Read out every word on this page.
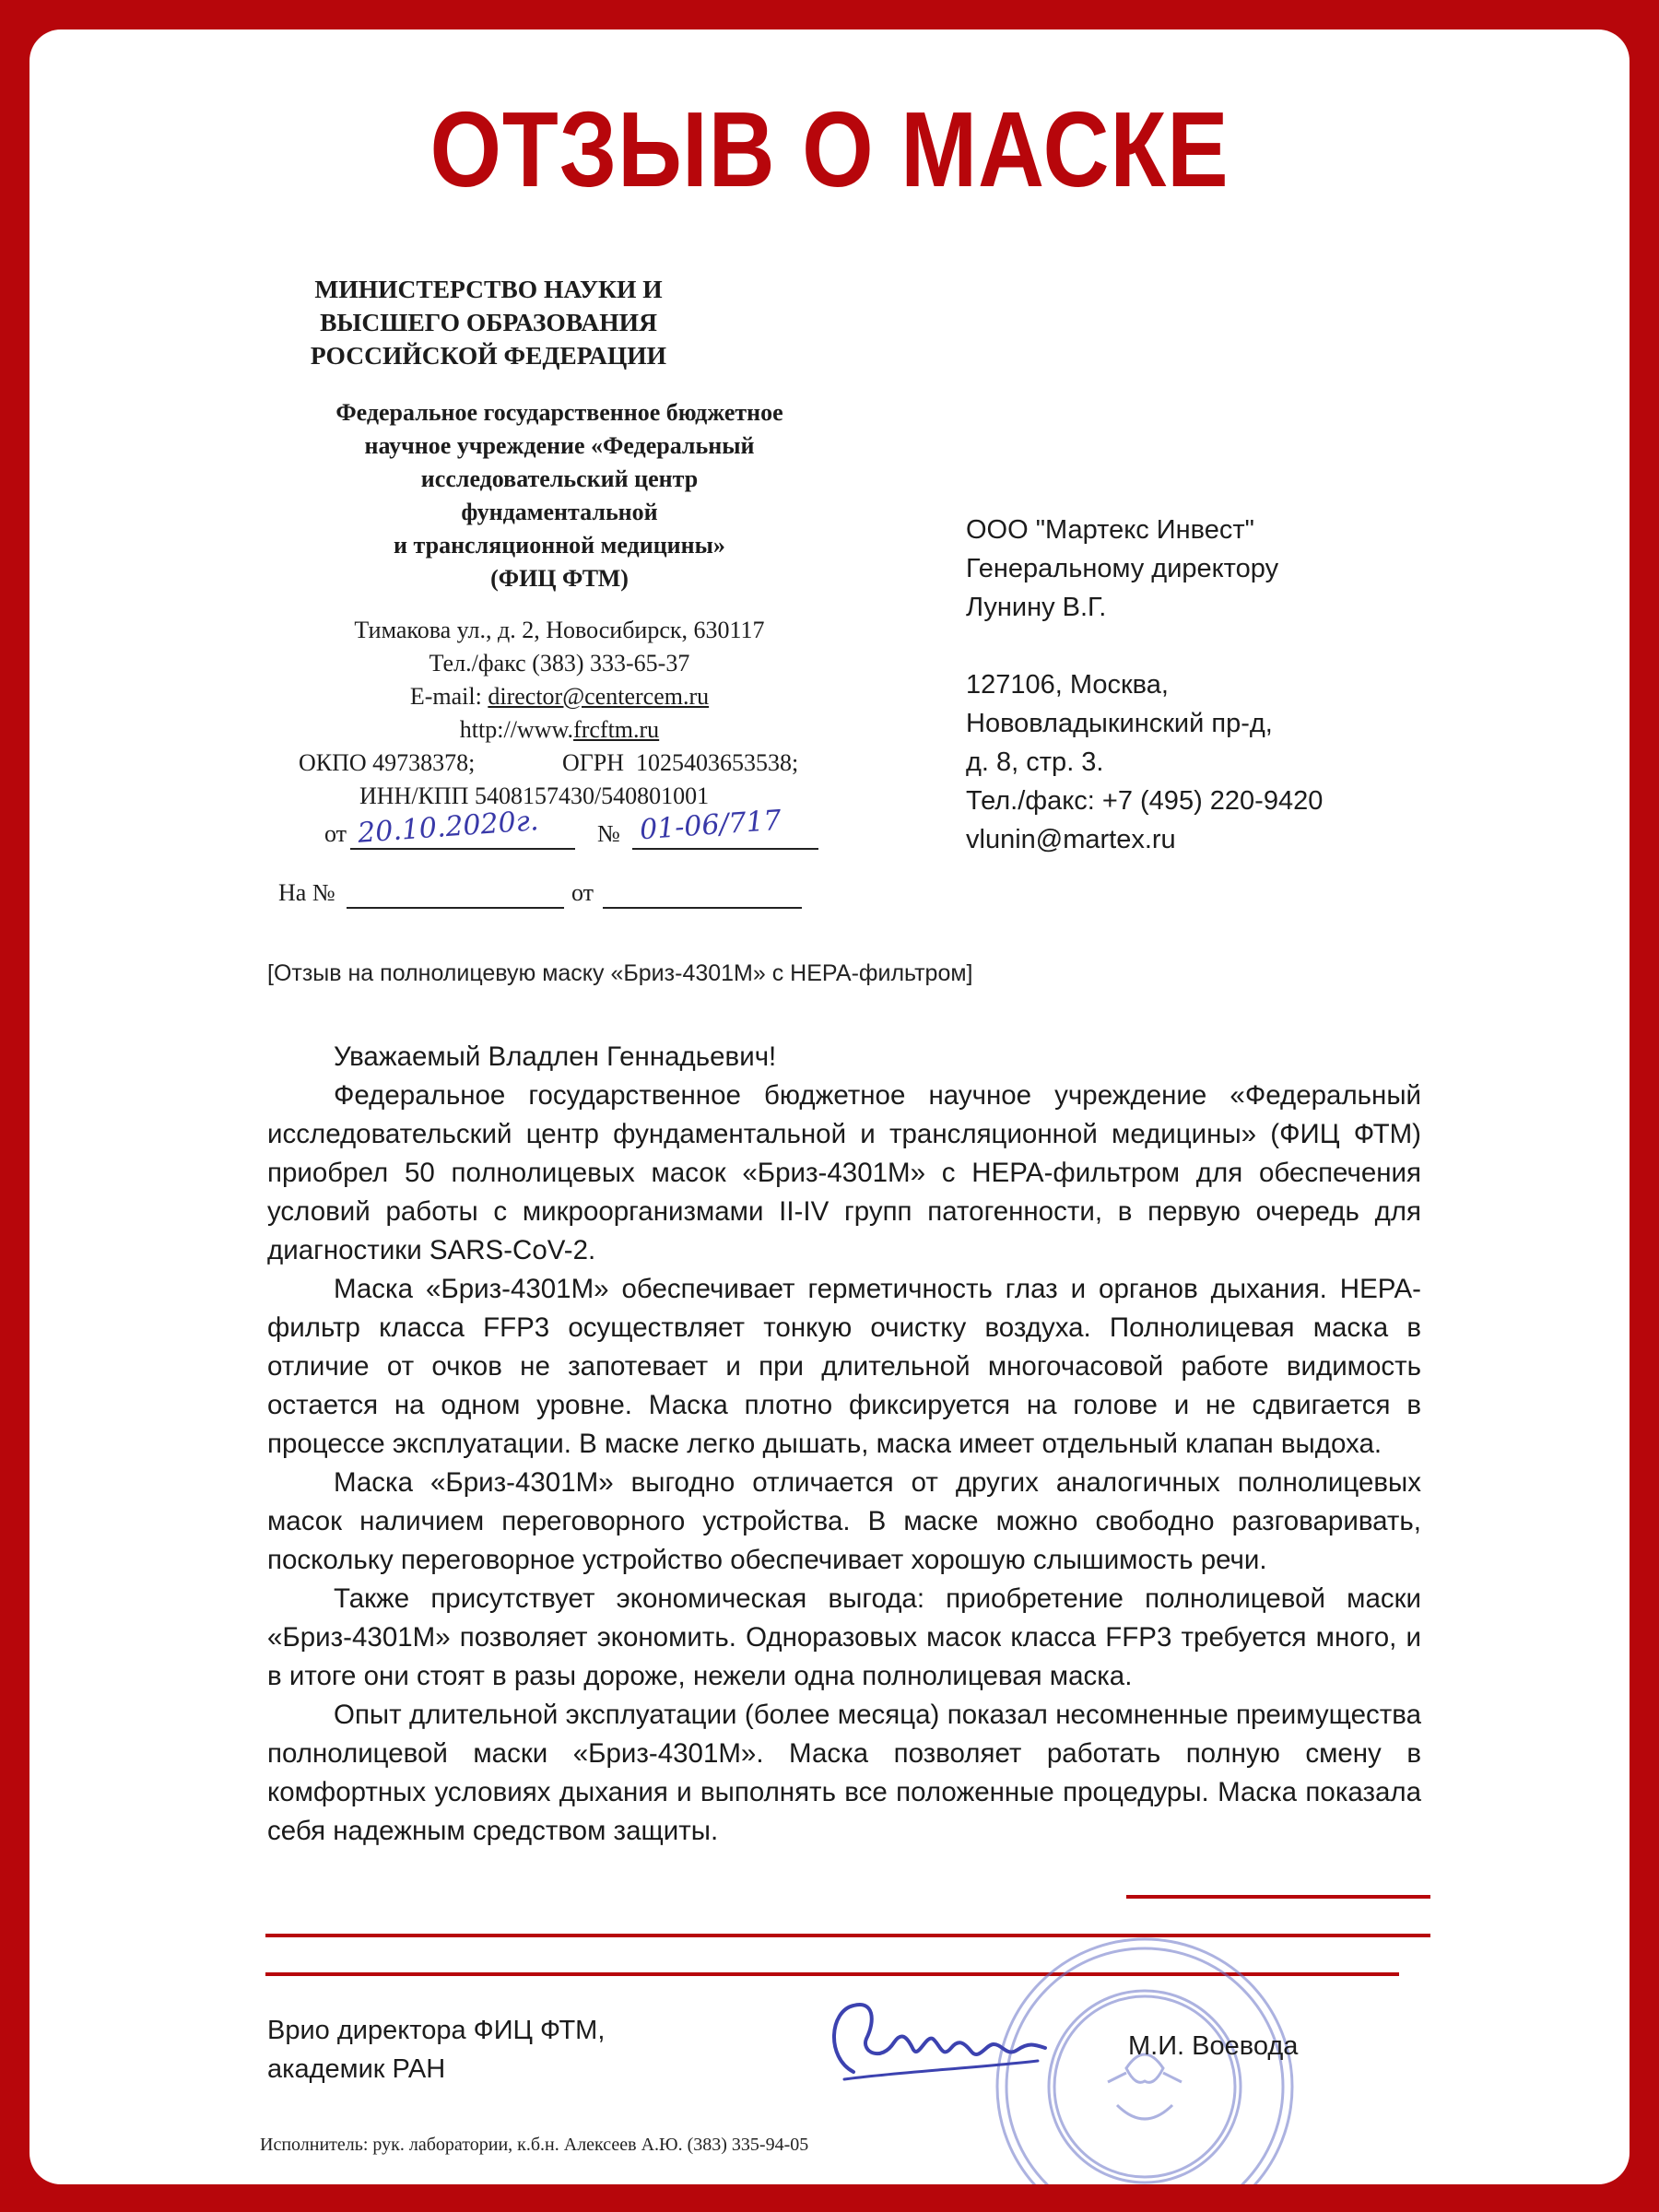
ОТЗЫВ О МАСКЕ
МИНИСТЕРСТВО НАУКИ И
ВЫСШЕГО ОБРАЗОВАНИЯ
РОССИЙСКОЙ ФЕДЕРАЦИИ
Федеральное государственное бюджетное
научное учреждение «Федеральный
исследовательский центр
фундаментальной
и трансляционной медицины»
(ФИЦ ФТМ)
Тимакова ул., д. 2, Новосибирск, 630117
Тел./факс (383) 333-65-37
E-mail: director@centercem.ru
http://www.frcftm.ru

ОКПО 49738378;

	ОГРН  1025403653538;

ИНН/КПП 5408157430/540801001

от 20.10.2020г. № 01-06/717
На №	от
ООО "Мартекс Инвест"
Генеральному директору
Лунину В.Г.
127106, Москва,
Нововладыкинский пр-д,
д. 8, стр. 3.
Тел./факс: +7 (495) 220-9420
vlunin@martex.ru
[Отзыв на полнолицевую маску «Бриз-4301М» с НЕРА-фильтром]

Уважаемый Владлен Геннадьевич!

Федеральное государственное бюджетное научное учреждение «Федеральный исследовательский центр фундаментальной и трансляционной медицины» (ФИЦ ФТМ) приобрел 50 полнолицевых масок «Бриз-4301М» с НЕРА-фильтром для обеспечения условий работы с микроорганизмами II-IV групп патогенности, в первую очередь для диагностики SARS-CoV-2.

Маска «Бриз-4301М» обеспечивает герметичность глаз и органов дыхания. НЕРА-фильтр класса FFP3 осуществляет тонкую очистку воздуха. Полнолицевая маска в отличие от очков не запотевает и при длительной многочасовой работе видимость остается на одном уровне. Маска плотно фиксируется на голове и не сдвигается в процессе эксплуатации. В маске легко дышать, маска имеет отдельный клапан выдоха.

Маска «Бриз-4301М» выгодно отличается от других аналогичных полнолицевых масок наличием переговорного устройства. В маске можно свободно разговаривать, поскольку переговорное устройство обеспечивает хорошую слышимость речи.

Также присутствует экономическая выгода: приобретение полнолицевой маски «Бриз-4301М» позволяет экономить. Одноразовых масок класса FFP3 требуется много, и в итоге они стоят в разы дороже, нежели одна полнолицевая маска.

Опыт длительной эксплуатации (более месяца) показал несомненные преимущества полнолицевой маски «Бриз-4301М». Маска позволяет работать полную смену в комфортных условиях дыхания и выполнять все положенные процедуры. Маска показала себя надежным средством защиты.

Врио директора ФИЦ ФТМ,
академик РАН
М.И. Воевода
Исполнитель: рук. лаборатории, к.б.н. Алексеев А.Ю. (383) 335-94-05
